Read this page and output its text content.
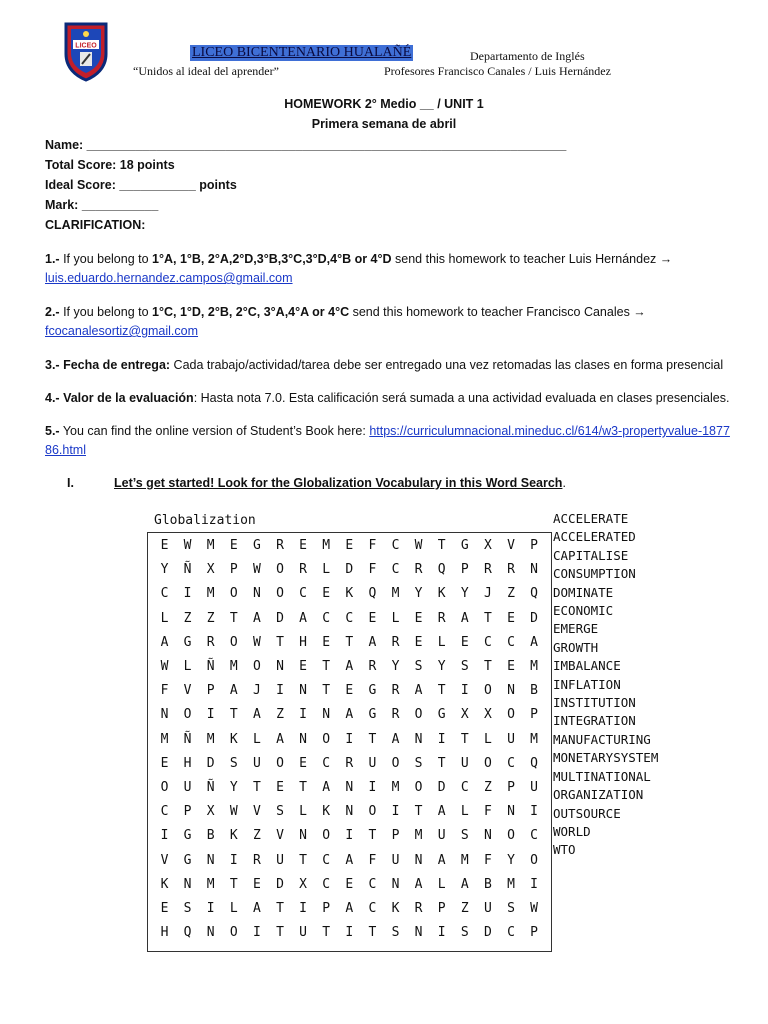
LICEO	LICEO BICENTENARIO HUALAÑÉ
“Unidos al ideal del aprender”
Departamento de Inglés
Profesores Francisco Canales / Luis Hernández
HOMEWORK 2° Medio __ / UNIT 1
Primera semana de abril
Name: _____________________________________________________________________
Total Score: 18 points
Ideal Score: ___________ points
Mark: ___________
CLARIFICATION:
1.- If you belong to 1°A, 1°B, 2°A,2°D,3°B,3°C,3°D,4°B or 4°D send this homework to teacher Luis Hernández →
luis.eduardo.hernandez.campos@gmail.com
2.- If you belong to 1°C, 1°D, 2°B, 2°C, 3°A,4°A or 4°C send this homework to teacher Francisco Canales →
fcocanalesortiz@gmail.com
3.- Fecha de entrega: Cada trabajo/actividad/tarea debe ser entregado una vez retomadas las clases en forma presencial
4.- Valor de la evaluación: Hasta nota 7.0. Esta calificación será sumada a una actividad evaluada en clases presenciales.
5.- You can find the online version of Student’s Book here: https://curriculumnacional.mineduc.cl/614/w3-propertyvalue-187786.html
I.	Let’s get started! Look for the Globalization Vocabulary in this Word Search.
Globalization
E	W	M	E	G	R	E	M	E	F	C	W	T	G	X	V	P
Y	Ñ	X	P	W	O	R	L	D	F	C	R	Q	P	R	R	N
C	I	M	O	N	O	C	E	K	Q	M	Y	K	Y	J	Z	Q
L	Z	Z	T	A	D	A	C	C	E	L	E	R	A	T	E	D
A	G	R	O	W	T	H	E	T	A	R	E	L	E	C	C	A
W	L	Ñ	M	O	N	E	T	A	R	Y	S	Y	S	T	E	M
F	V	P	A	J	I	N	T	E	G	R	A	T	I	O	N	B
N	O	I	T	A	Z	I	N	A	G	R	O	G	X	X	O	P
M	Ñ	M	K	L	A	N	O	I	T	A	N	I	T	L	U	M
E	H	D	S	U	O	E	C	R	U	O	S	T	U	O	C	Q
O	U	Ñ	Y	T	E	T	A	N	I	M	O	D	C	Z	P	U
C	P	X	W	V	S	L	K	N	O	I	T	A	L	F	N	I
I	G	B	K	Z	V	N	O	I	T	P	M	U	S	N	O	C
V	G	N	I	R	U	T	C	A	F	U	N	A	M	F	Y	O
K	N	M	T	E	D	X	C	E	C	N	A	L	A	B	M	I
E	S	I	L	A	T	I	P	A	C	K	R	P	Z	U	S	W
H	Q	N	O	I	T	U	T	I	T	S	N	I	S	D	C	P
ACCELERATE
ACCELERATED
CAPITALISE
CONSUMPTION
DOMINATE
ECONOMIC
EMERGE
GROWTH
IMBALANCE
INFLATION
INSTITUTION
INTEGRATION
MANUFACTURING
MONETARYSYSTEM
MULTINATIONAL
ORGANIZATION
OUTSOURCE
WORLD
WTO
